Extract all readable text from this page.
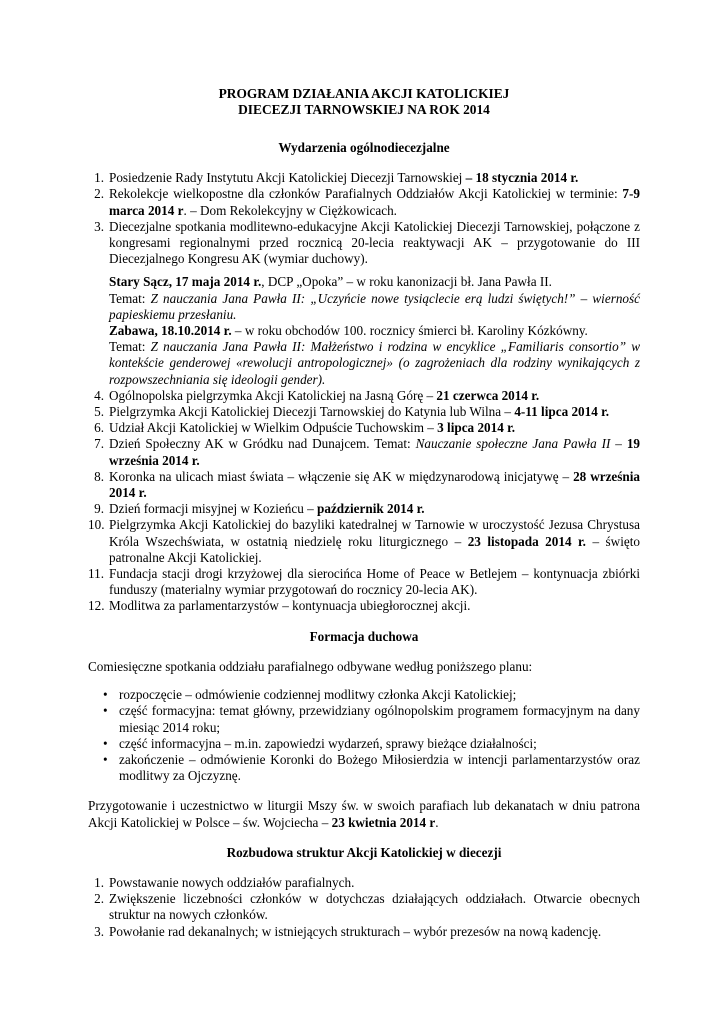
PROGRAM DZIAŁANIA AKCJI KATOLICKIEJ
DIECEZJI TARNOWSKIEJ NA ROK 2014
Wydarzenia ogólnodiecezjalne
1. Posiedzenie Rady Instytutu Akcji Katolickiej Diecezji Tarnowskiej – 18 stycznia 2014 r.
2. Rekolekcje wielkopostne dla członków Parafialnych Oddziałów Akcji Katolickiej w terminie: 7-9 marca 2014 r. – Dom Rekolekcyjny w Ciężkowicach.
3. Diecezjalne spotkania modlitewno-edukacyjne Akcji Katolickiej Diecezji Tarnowskiej, połączone z kongresami regionalnymi przed rocznicą 20-lecia reaktywacji AK – przygotowanie do III Diecezjalnego Kongresu AK (wymiar duchowy).

Stary Sącz, 17 maja 2014 r., DCP „Opoka” – w roku kanonizacji bł. Jana Pawła II.

Temat: Z nauczania Jana Pawła II: „Uczyńcie nowe tysiąclecie erą ludzi świętych!” – wierność papieskiemu przesłaniu.

Zabawa, 18.10.2014 r. – w roku obchodów 100. rocznicy śmierci bł. Karoliny Kózkówny.

Temat: Z nauczania Jana Pawła II: Małżeństwo i rodzina w encyklice „Familiaris consortio” w kontekście genderowej «rewolucji antropologicznej» (o zagrożeniach dla rodziny wynikających z rozpowszechniania się ideologii gender).

4. Ogólnopolska pielgrzymka Akcji Katolickiej na Jasną Górę – 21 czerwca 2014 r.
5. Pielgrzymka Akcji Katolickiej Diecezji Tarnowskiej do Katynia lub Wilna – 4-11 lipca 2014 r.
6. Udział Akcji Katolickiej w Wielkim Odpuście Tuchowskim – 3 lipca 2014 r.
7. Dzień Społeczny AK w Gródku nad Dunajcem. Temat: Nauczanie społeczne Jana Pawła II – 19 września 2014 r.
8. Koronka na ulicach miast świata – włączenie się AK w międzynarodową inicjatywę – 28 września 2014 r.
9. Dzień formacji misyjnej w Kozieńcu – październik 2014 r.
10. Pielgrzymka Akcji Katolickiej do bazyliki katedralnej w Tarnowie w uroczystość Jezusa Chrystusa Króla Wszechświata, w ostatnią niedzielę roku liturgicznego – 23 listopada 2014 r. – święto patronalne Akcji Katolickiej.
11. Fundacja stacji drogi krzyżowej dla sierocińca Home of Peace w Betlejem – kontynuacja zbiórki funduszy (materialny wymiar przygotowań do rocznicy 20-lecia AK).
12. Modlitwa za parlamentarzystów – kontynuacja ubiegłorocznej akcji.
Formacja duchowa

Comiesięczne spotkania oddziału parafialnego odbywane według poniższego planu:

• rozpoczęcie – odmówienie codziennej modlitwy członka Akcji Katolickiej;
• część formacyjna: temat główny, przewidziany ogólnopolskim programem formacyjnym na dany miesiąc 2014 roku;
• część informacyjna – m.in. zapowiedzi wydarzeń, sprawy bieżące działalności;
• zakończenie – odmówienie Koronki do Bożego Miłosierdzia w intencji parlamentarzystów oraz modlitwy za Ojczyznę.

Przygotowanie i uczestnictwo w liturgii Mszy św. w swoich parafiach lub dekanatach w dniu patrona Akcji Katolickiej w Polsce – św. Wojciecha – 23 kwietnia 2014 r.

Rozbudowa struktur Akcji Katolickiej w diecezji
1. Powstawanie nowych oddziałów parafialnych.
2. Zwiększenie liczebności członków w dotychczas działających oddziałach. Otwarcie obecnych struktur na nowych członków.
3. Powołanie rad dekanalnych; w istniejących strukturach – wybór prezesów na nową kadencję.
